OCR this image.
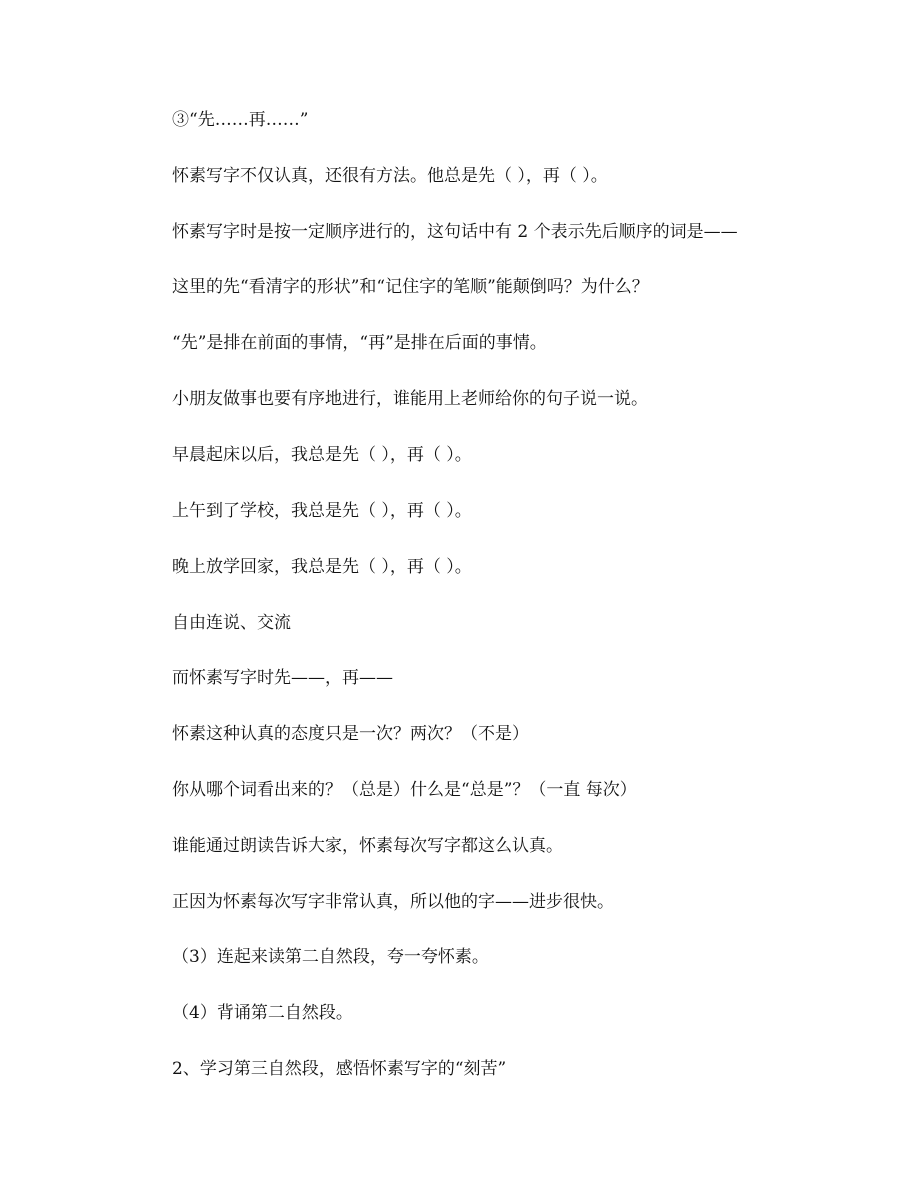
③“先……再……”

怀素写字不仅认真，还很有方法。他总是先（ ），再（ ）。

怀素写字时是按一定顺序进行的，这句话中有 2 个表示先后顺序的词是——

这里的先“看清字的形状”和“记住字的笔顺”能颠倒吗？为什么？

“先”是排在前面的事情，“再”是排在后面的事情。

小朋友做事也要有序地进行，谁能用上老师给你的句子说一说。

早晨起床以后，我总是先（ ），再（ ）。

上午到了学校，我总是先（ ），再（ ）。

晚上放学回家，我总是先（ ），再（ ）。

自由连说、交流

而怀素写字时先——，再——

怀素这种认真的态度只是一次？两次？（不是）

你从哪个词看出来的？（总是）什么是“总是”？（一直 每次）

谁能通过朗读告诉大家，怀素每次写字都这么认真。

正因为怀素每次写字非常认真，所以他的字——进步很快。

（3）连起来读第二自然段，夸一夸怀素。

（4）背诵第二自然段。

2、学习第三自然段，感悟怀素写字的“刻苦”
